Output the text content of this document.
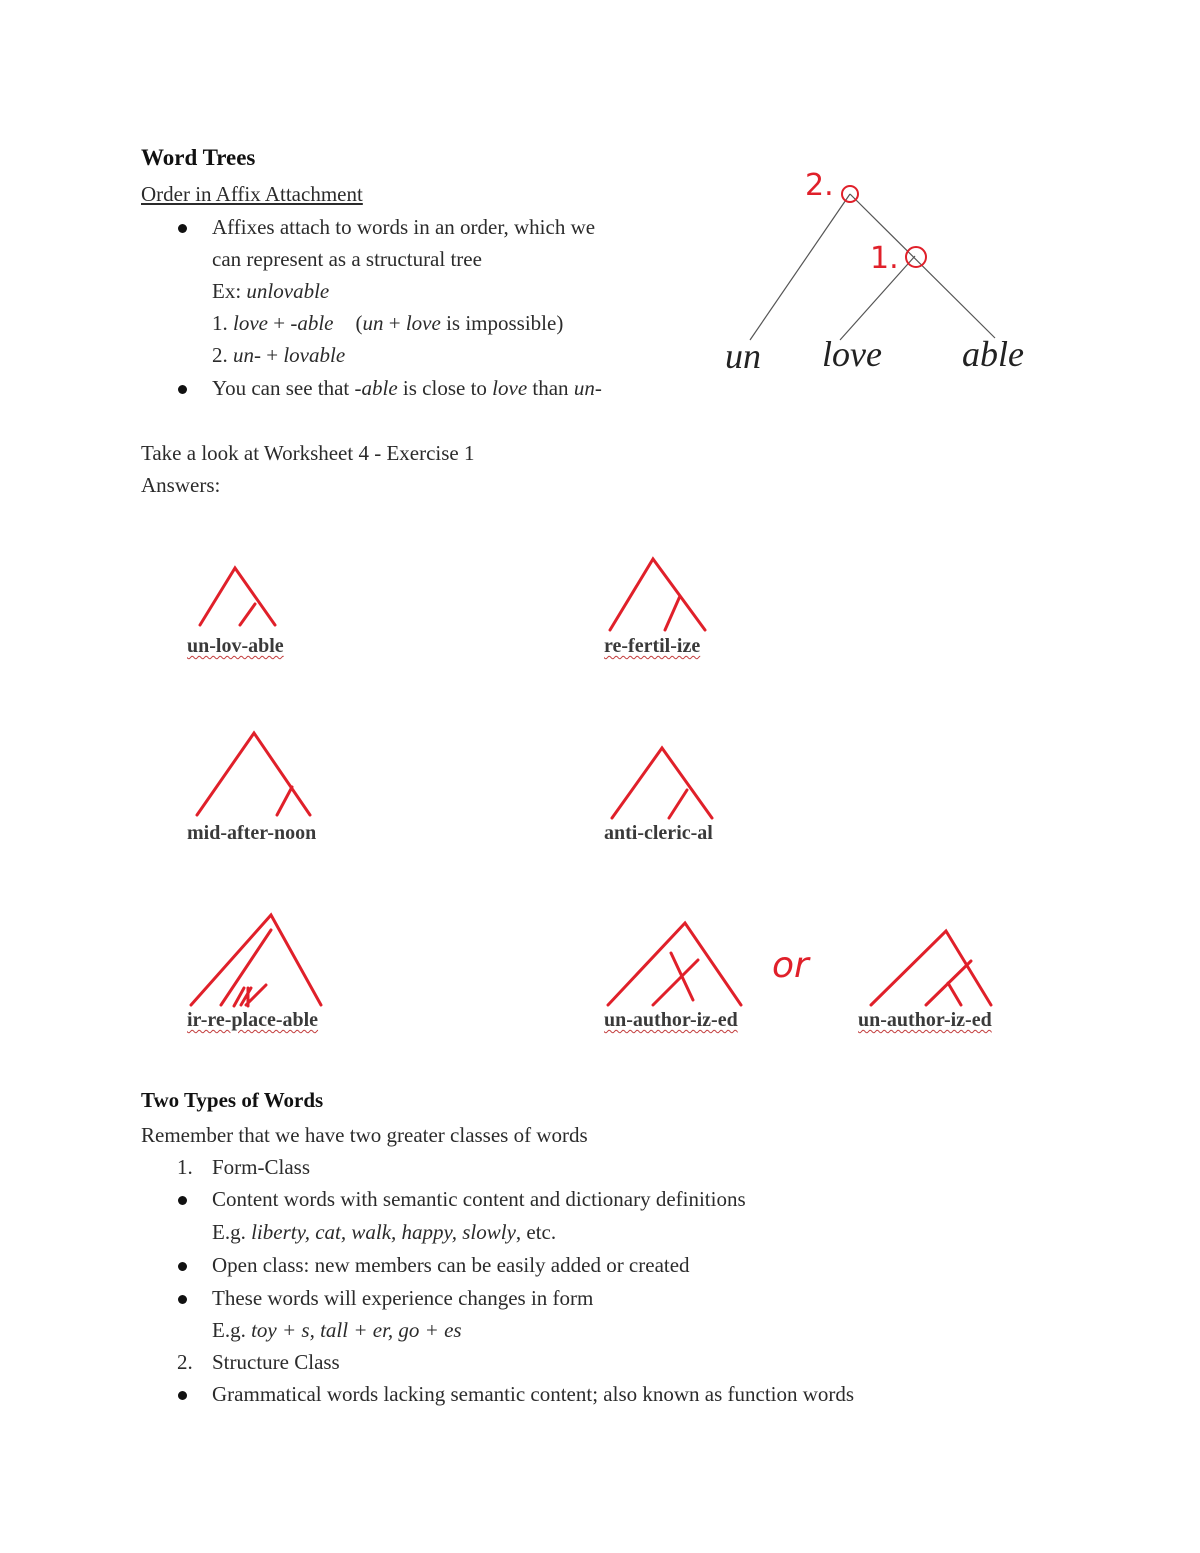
Word Trees
Order in Affix Attachment
Affixes attach to words in an order, which we
can represent as a structural tree
Ex: unlovable
1. love + -able (un + love is impossible)
2. un- + lovable
You can see that -able is close to love than un-
2.
1.
un love able
Take a look at Worksheet 4 - Exercise 1
Answers:
un-lov-able	re-fertil-ize
mid-after-noon	anti-cleric-al
ir-re-place-able	un-author-iz-ed
or
un-author-iz-ed
Two Types of Words
Remember that we have two greater classes of words
1. Form-Class
Content words with semantic content and dictionary definitions
E.g. liberty, cat, walk, happy, slowly, etc.
Open class: new members can be easily added or created
These words will experience changes in form
E.g. toy + s, tall + er, go + es
2. Structure Class
Grammatical words lacking semantic content; also known as function words
